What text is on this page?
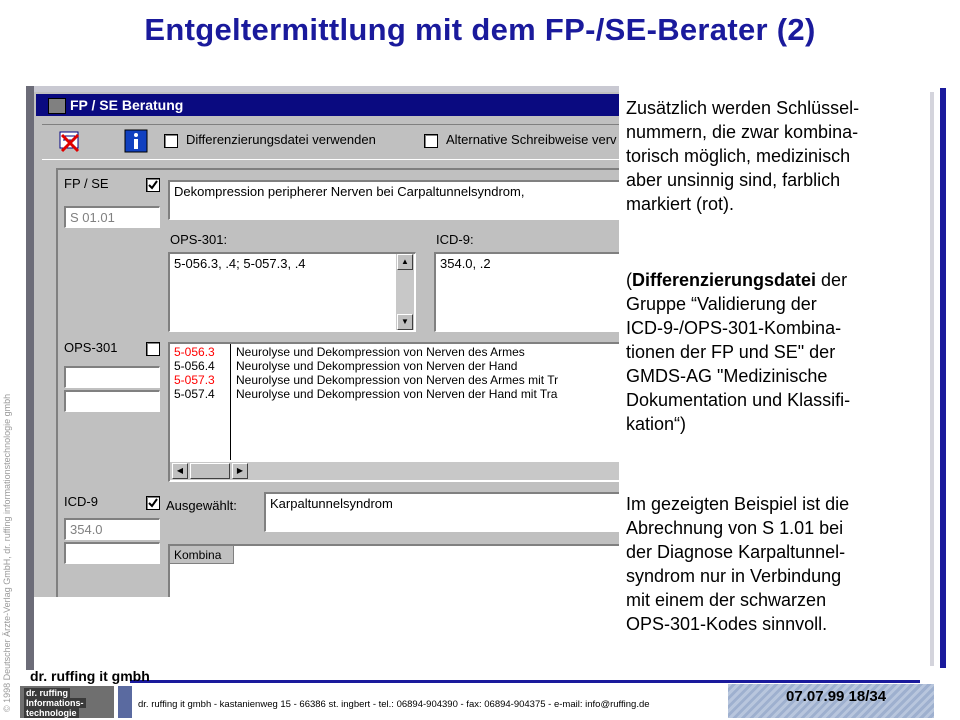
Entgeltermittlung mit dem FP-/SE-Berater (2)
© 1998 Deutscher Ärzte-Verlag GmbH, dr. ruffing informationstechnologie gmbh
FP / SE Beratung
Differenzierungsdatei verwenden	Alternative Schreibweise verv
FP / SE
S 01.01
Dekompression peripherer Nerven bei Carpaltunnelsyndrom,
OPS-301:	ICD-9:
5-056.3, .4; 5-057.3, .4	▲
▼
354.0, .2
OPS-301	5-056.3 Neurolyse und Dekompression von Nerven des Armes
5-056.4 Neurolyse und Dekompression von Nerven der Hand
5-057.3 Neurolyse und Dekompression von Nerven des Armes mit Tr
5-057.4 Neurolyse und Dekompression von Nerven der Hand mit Tra
◀	▶
ICD-9	Ausgewählt:
354.0
Karpaltunnelsyndrom
Kombina
Zusätzlich werden Schlüssel-
nummern, die zwar kombina-
torisch möglich, medizinisch
aber unsinnig sind, farblich
markiert (rot).
(Differenzierungsdatei der
Gruppe “Validierung der
ICD-9-/OPS-301-Kombina-
tionen der FP und SE" der
GMDS-AG "Medizinische
Dokumentation und Klassifi-
kation“)
Im gezeigten Beispiel ist die
Abrechnung von S 1.01 bei
der Diagnose Karpaltunnel-
syndrom nur in Verbindung
mit einem der schwarzen
OPS-301-Kodes sinnvoll.
dr. ruffing it gmbh
dr. ruffing
Informations-
technologie
dr. ruffing it gmbh - kastanienweg 15 - 66386 st. ingbert - tel.: 06894-904390 - fax: 06894-904375 - e-mail: info@ruffing.de	07.07.99 18/34
